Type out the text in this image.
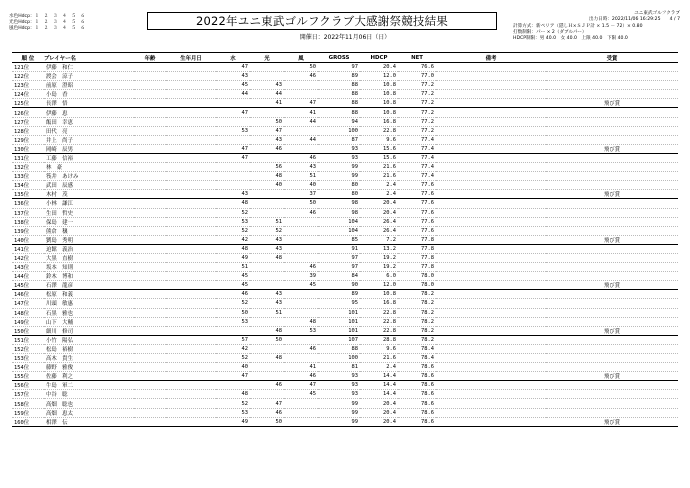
水色Hdcp：１　２　３　４　５　６
光色Hdcp：１　２　３　４　５　６
風色Hdcp：１　２　３　４　５　６
2022年ユニ東武ゴルフクラブ大感謝祭競技結果
開催日：2022年11月06日（日）
ユニ東武ゴルフクラブ
出力日時：2022/11/06 16:29:25　　4 / 7
計算方式：新ペリア（隠しＨ×ＳＪＰ計 × 1.5 － 72）× 0.80
打数制限：パー × 2（ダブルパー）
HDCP制限：男 40.0　女 40.0　上限 40.0　下限 40.0
順 位	プレイヤー名	年齢	生年月日	水	光	風	GROSS	HDCP	NET	備考	受賞
121位	伊藤　和仁			47		50	97	20.4	76.6		
122位	渡会　涼子			43		46	89	12.0	77.0		
123位	前原　澄昭			45	43		88	10.8	77.2		
124位	小島　香			44	44		88	10.8	77.2		
125位	長澤　悟				41	47	88	10.8	77.2		飛び賞
126位	伊藤　恵			47		41	88	10.8	77.2		
127位	飯田　幸恵				50	44	94	16.8	77.2		
128位	田代　亮			53	47		100	22.8	77.2		
129位	井上　尚子				43	44	87	9.6	77.4		
130位	岡崎　辰男			47	46		93	15.6	77.4		飛び賞
131位	工藤　信裕			47		46	93	15.6	77.4		
132位	林　豪				56	43	99	21.6	77.4		
133位	筏井　あけみ				48	51	99	21.6	77.4		
134位	武田　辰感				40	40	80	2.4	77.6		
135位	木村　茂			43		37	80	2.4	77.6		飛び賞
136位	小林　謙江			48		50	98	20.4	77.6		
137位	生田　哲史			52		46	98	20.4	77.6		
138位	保島　建一			53	51		104	26.4	77.6		
139位	熊倉　穣			52	52		104	26.4	77.6		
140位	劉島　秀明			42	43		85	7.2	77.8		飛び賞
141位	迫館　義治			48	43		91	13.2	77.8		
142位	大黒　直樹			49	48		97	19.2	77.8		
143位	坂本　知則			51		46	97	19.2	77.8		
144位	鈴木　博和			45		39	84	6.0	78.0		
145位	石澤　龍彦			45		45	90	12.0	78.0		飛び賞
146位	松原　和義			46	43		89	10.8	78.2		
147位	川頭　敏惠			52	43		95	16.8	78.2		
148位	石黒　雅也			50	51		101	22.8	78.2		
149位	山下　大輔			53		48	101	22.8	78.2		
150位	細川　修司				48	53	101	22.8	78.2		飛び賞
151位	小竹　陽弘			57	50		107	28.8	78.2		
152位	松島　裕樹			42		46	88	9.6	78.4		
153位	高木　貴生			52	48		100	21.6	78.4		
154位	藤野　雅俊			40		41	81	2.4	78.6		
155位	佐藤　利之			47		46	93	14.4	78.6		飛び賞
156位	牛島　軍二				46	47	93	14.4	78.6		
157位	中谷　聡			48		45	93	14.4	78.6		
158位	高畑　聡也			52	47		99	20.4	78.6		
159位	高畑　恵太			53	46		99	20.4	78.6		
160位	相澤　伝			49	50		99	20.4	78.6		飛び賞
